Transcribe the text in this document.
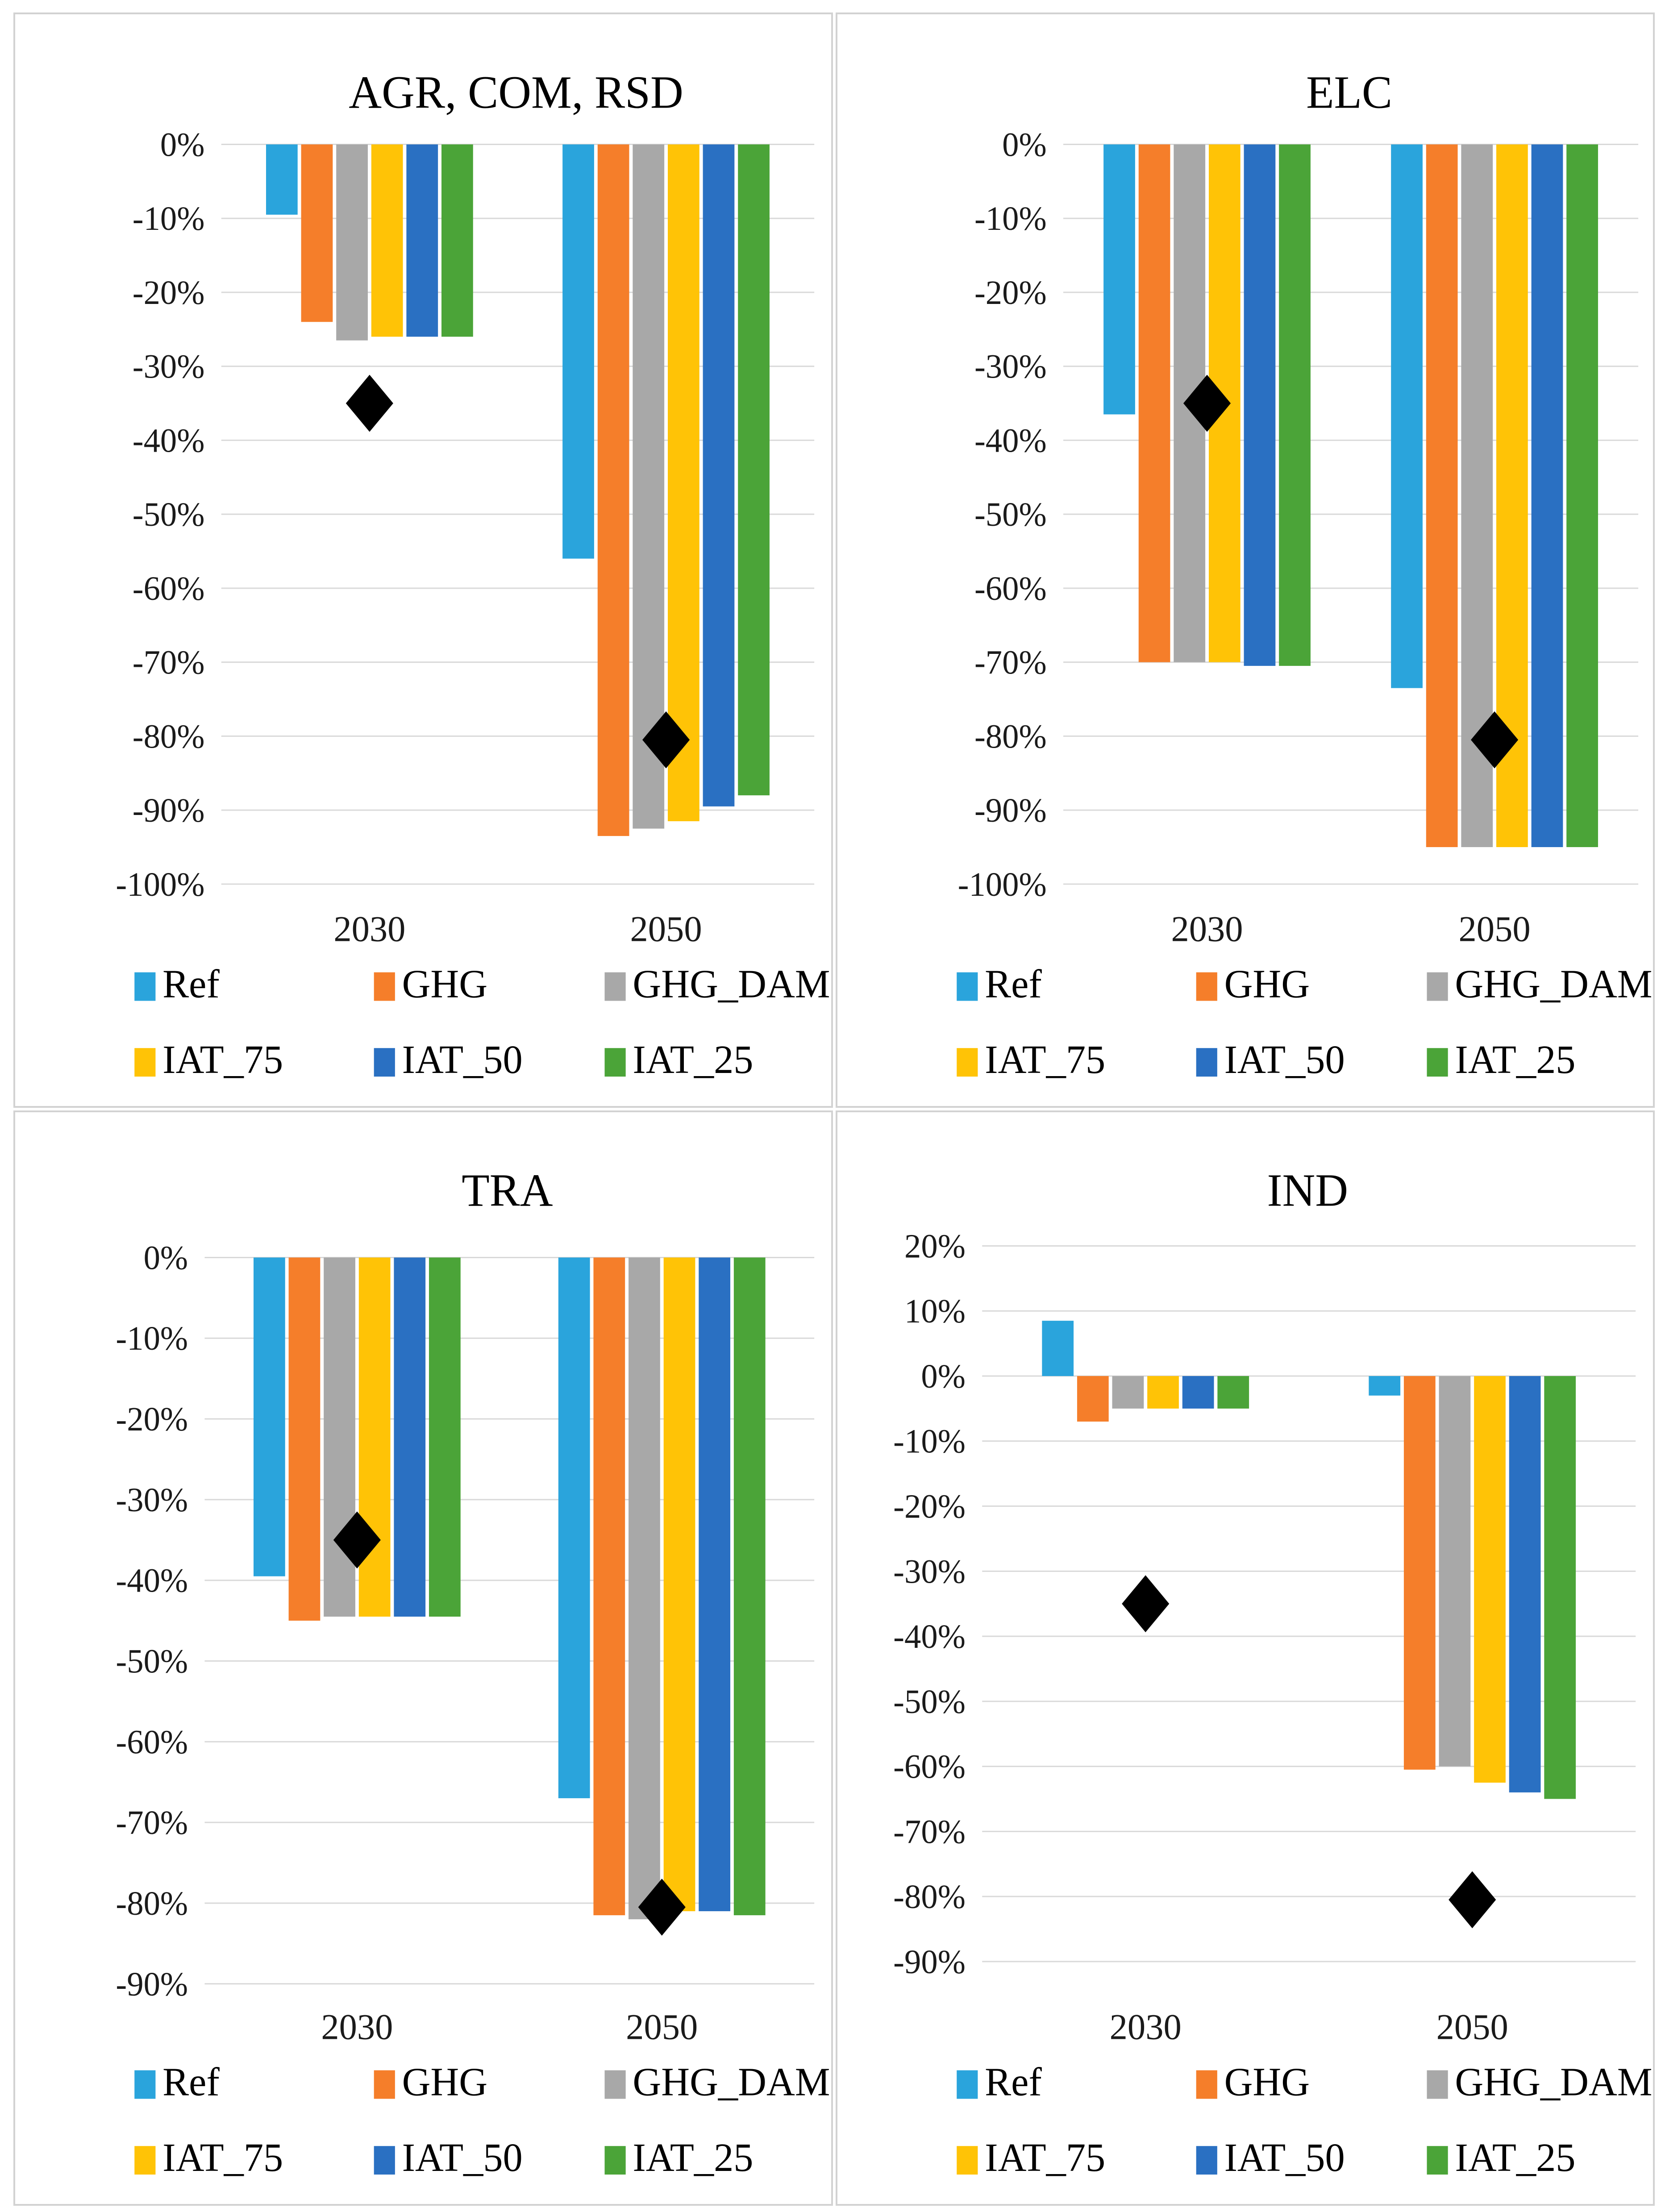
AGR, COM, RSD
0%
-10%
-20%
-30%
-40%
-50%
-60%
-70%
-80%
-90%
-100%
2030	2050
Ref	GHG	GHG_DAM
IAT_75	IAT_50	IAT_25
ELC
0%
-10%
-20%
-30%
-40%
-50%
-60%
-70%
-80%
-90%
-100%
2030	2050
Ref	GHG	GHG_DAM
IAT_75	IAT_50	IAT_25
TRA
0%
-10%
-20%
-30%
-40%
-50%
-60%
-70%
-80%
-90%
2030	2050
Ref	GHG	GHG_DAM
IAT_75	IAT_50	IAT_25
IND
20%
10%
0%
-10%
-20%
-30%
-40%
-50%
-60%
-70%
-80%
-90%
2030	2050
Ref	GHG	GHG_DAM
IAT_75	IAT_50	IAT_25
